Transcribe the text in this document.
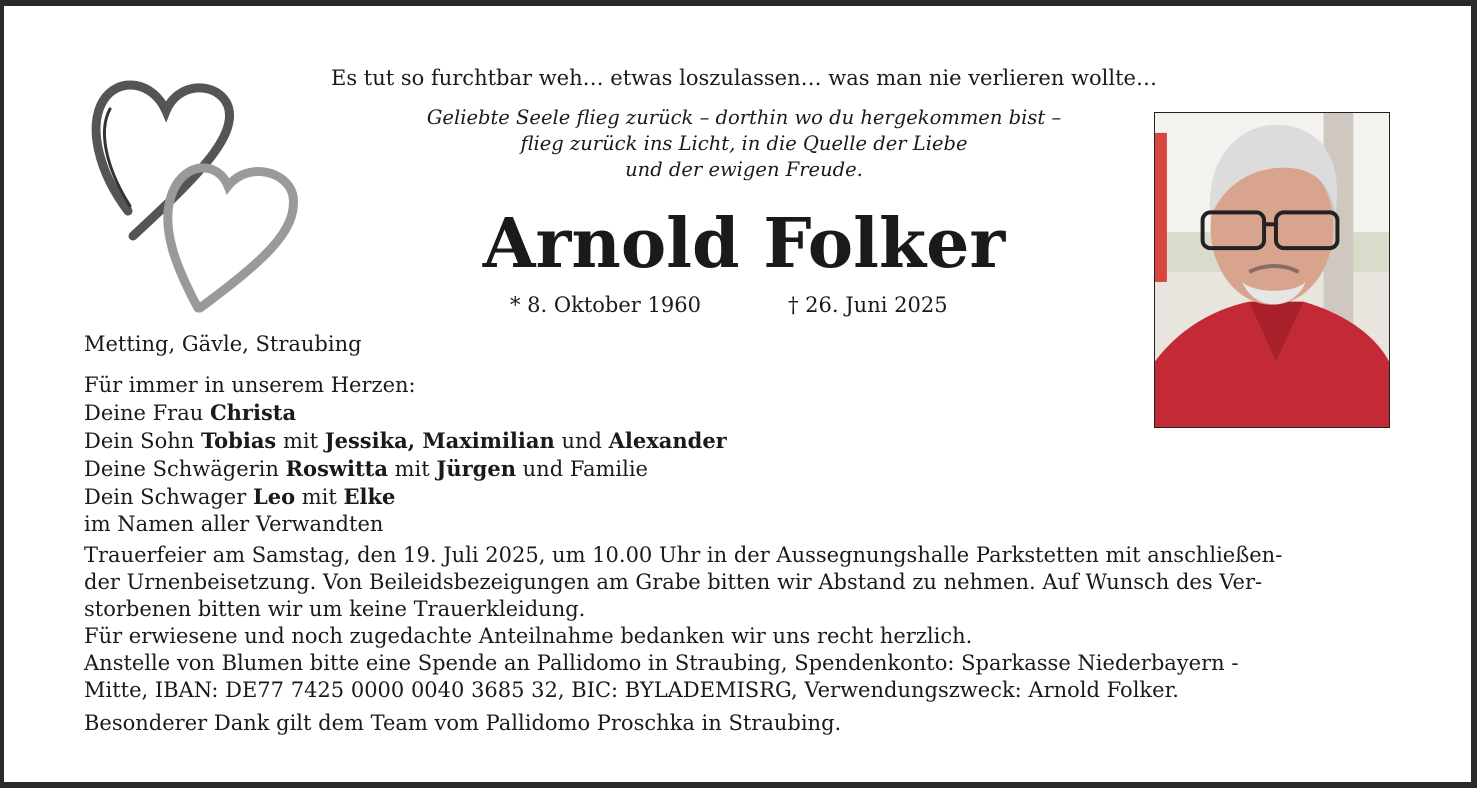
Es tut so furchtbar weh… etwas loszulassen… was man nie verlieren wollte…

Geliebte Seele flieg zurück – dorthin wo du hergekommen bist –
flieg zurück ins Licht, in die Quelle der Liebe
und der ewigen Freude.
Arnold Folker
* 8. Oktober 1960	† 26. Juni 2025

Metting, Gävle, Straubing

Für immer in unserem Herzen:
Deine Frau Christa
Dein Sohn Tobias mit Jessika, Maximilian und Alexander
Deine Schwägerin Roswitta mit Jürgen und Familie
Dein Schwager Leo mit Elke
im Namen aller Verwandten

Trauerfeier am Samstag, den 19. Juli 2025, um 10.00 Uhr in der Aussegnungshalle Parkstetten mit anschließen-

der Urnenbeisetzung. Von Beileidsbezeigungen am Grabe bitten wir Abstand zu nehmen. Auf Wunsch des Ver-

storbenen bitten wir um keine Trauerkleidung.

Für erwiesene und noch zugedachte Anteilnahme bedanken wir uns recht herzlich.

Anstelle von Blumen bitte eine Spende an Pallidomo in Straubing, Spendenkonto: Sparkasse Niederbayern -

Mitte, IBAN: DE77 7425 0000 0040 3685 32, BIC: BYLADEMISRG, Verwendungszweck: Arnold Folker.

Besonderer Dank gilt dem Team vom Pallidomo Proschka in Straubing.
